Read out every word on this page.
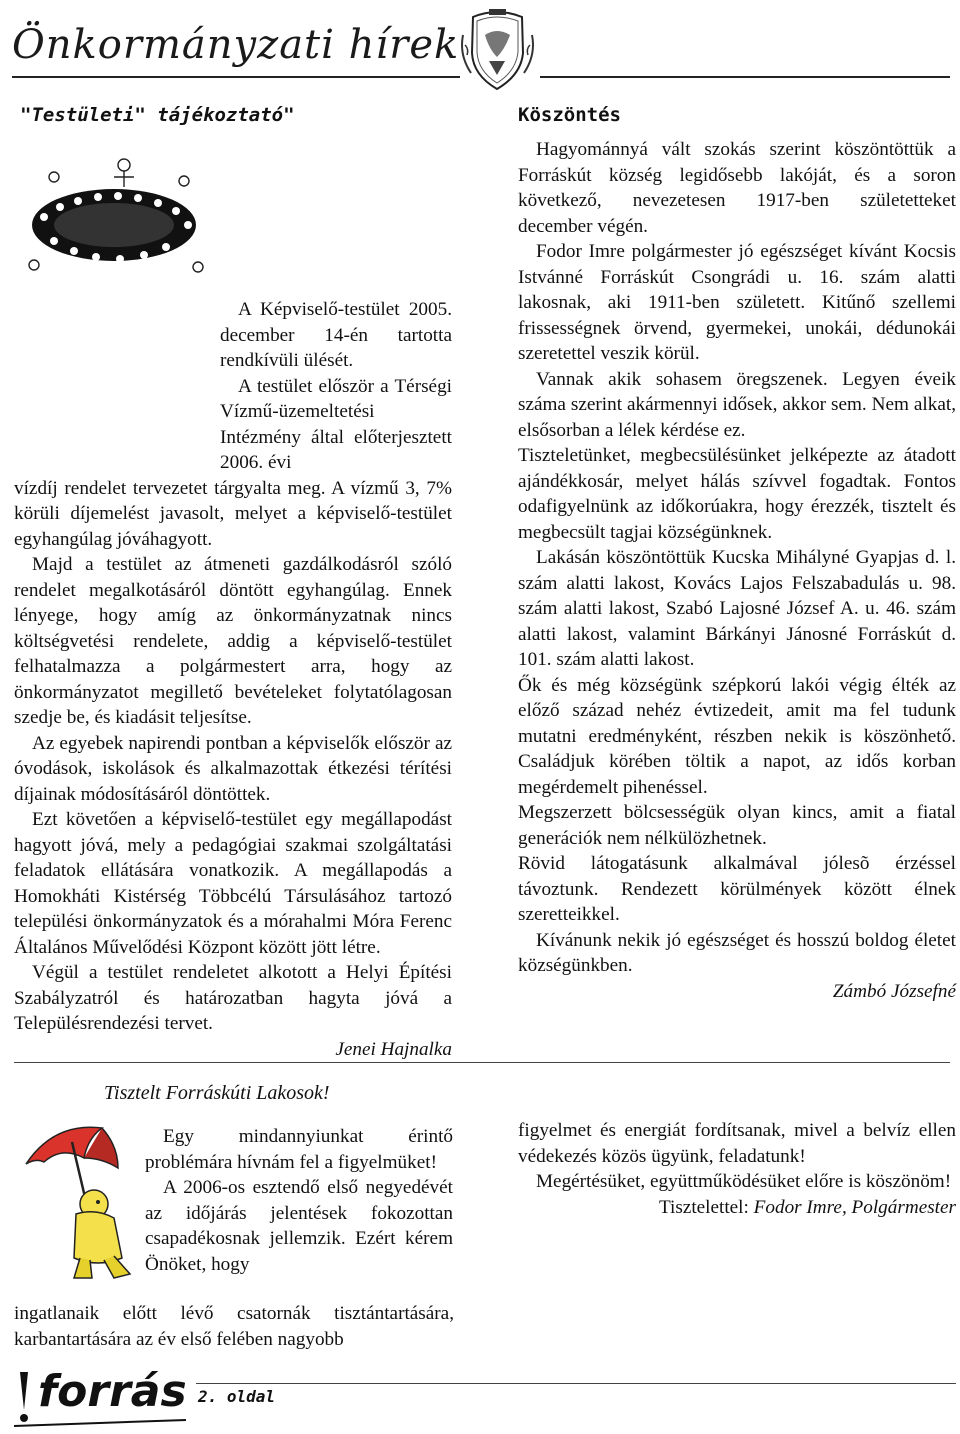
Önkormányzati hírek
"Testületi" tájékoztató"

A Képviselő-testület 2005. december 14-én tartotta rendkívüli ülését.

A testület először a Térségi Vízmű-üzemeltetési Intézmény által előterjesztett 2006. évi

vízdíj rendelet tervezetet tárgyalta meg. A vízmű 3, 7% körüli díjemelést javasolt, melyet a képviselő-testület egyhangúlag jóváhagyott.

Majd a testület az átmeneti gazdálkodásról szóló rendelet megalkotásáról döntött egyhangúlag. Ennek lényege, hogy amíg az önkormányzatnak nincs költségvetési rendelete, addig a képviselő-testület felhatalmazza a polgármestert arra, hogy az önkormányzatot megillető bevételeket folytatólagosan szedje be, és kiadásit teljesítse.

Az egyebek napirendi pontban a képviselők először az óvodások, iskolások és alkalmazottak étkezési térítési díjainak módosításáról döntöttek.

Ezt követően a képviselő-testület egy megállapodást hagyott jóvá, mely a pedagógiai szakmai szolgáltatási feladatok ellátására vonatkozik. A megállapodás a Homokháti Kistérség Többcélú Társulásához tartozó települési önkormányzatok és a mórahalmi Móra Ferenc Általános Művelődési Központ között jött létre.

Végül a testület rendeletet alkotott a Helyi Építési Szabályzatról és határozatban hagyta jóvá a Településrendezési tervet.

Jenei Hajnalka

Köszöntés

Hagyománnyá vált szokás szerint köszöntöttük a Forráskút község legidősebb lakóját, és a soron következő, nevezetesen 1917-ben születetteket december végén.

Fodor Imre polgármester jó egészséget kívánt Kocsis Istvánné Forráskút Csongrádi u. 16. szám alatti lakosnak, aki 1911-ben született. Kitűnő szellemi frissességnek örvend, gyermekei, unokái, dédunokái szeretettel veszik körül.

Vannak akik sohasem öregszenek. Legyen éveik száma szerint akármennyi idősek, akkor sem. Nem alkat, elsősorban a lélek kérdése ez.

Tiszteletünket, megbecsülésünket jelképezte az átadott ajándékkosár, melyet hálás szívvel fogadtak. Fontos odafigyelnünk az időkorúakra, hogy érezzék, tisztelt és megbecsült tagjai községünknek.

Lakásán köszöntöttük Kucska Mihályné Gyapjas d. l. szám alatti lakost, Kovács Lajos Felszabadulás u. 98. szám alatti lakost, Szabó Lajosné József A. u. 46. szám alatti lakost, valamint Bárkányi Jánosné Forráskút d. 101. szám alatti lakost.

Ők és még községünk szépkorú lakói végig élték az előző század nehéz évtizedeit, amit ma fel tudunk mutatni eredményként, részben nekik is köszönhető. Családjuk körében töltik a napot, az idős korban megérdemelt pihenéssel.

Megszerzett bölcsességük olyan kincs, amit a fiatal generációk nem nélkülözhetnek.

Rövid látogatásunk alkalmával jólesõ érzéssel távoztunk. Rendezett körülmények között élnek szeretteikkel.

Kívánunk nekik jó egészséget és hosszú boldog életet községünkben.

Zámbó Józsefné

Tisztelt Forráskúti Lakosok!

Egy mindannyiunkat érintő problémára hívnám fel a figyelmüket!

A 2006-os esztendő első negyedévét az időjárás jelentések fokozottan csapadékosnak jellemzik. Ezért kérem Önöket, hogy

ingatlanaik előtt lévő csatornák tisztántartására, karbantartására az év első felében nagyobb

figyelmet és energiát fordítsanak, mivel a belvíz ellen védekezés közös ügyünk, feladatunk!

Megértésüket, együttműködésüket előre is köszönöm!

Tisztelettel: Fodor Imre, Polgármester

forrás 2. oldal
